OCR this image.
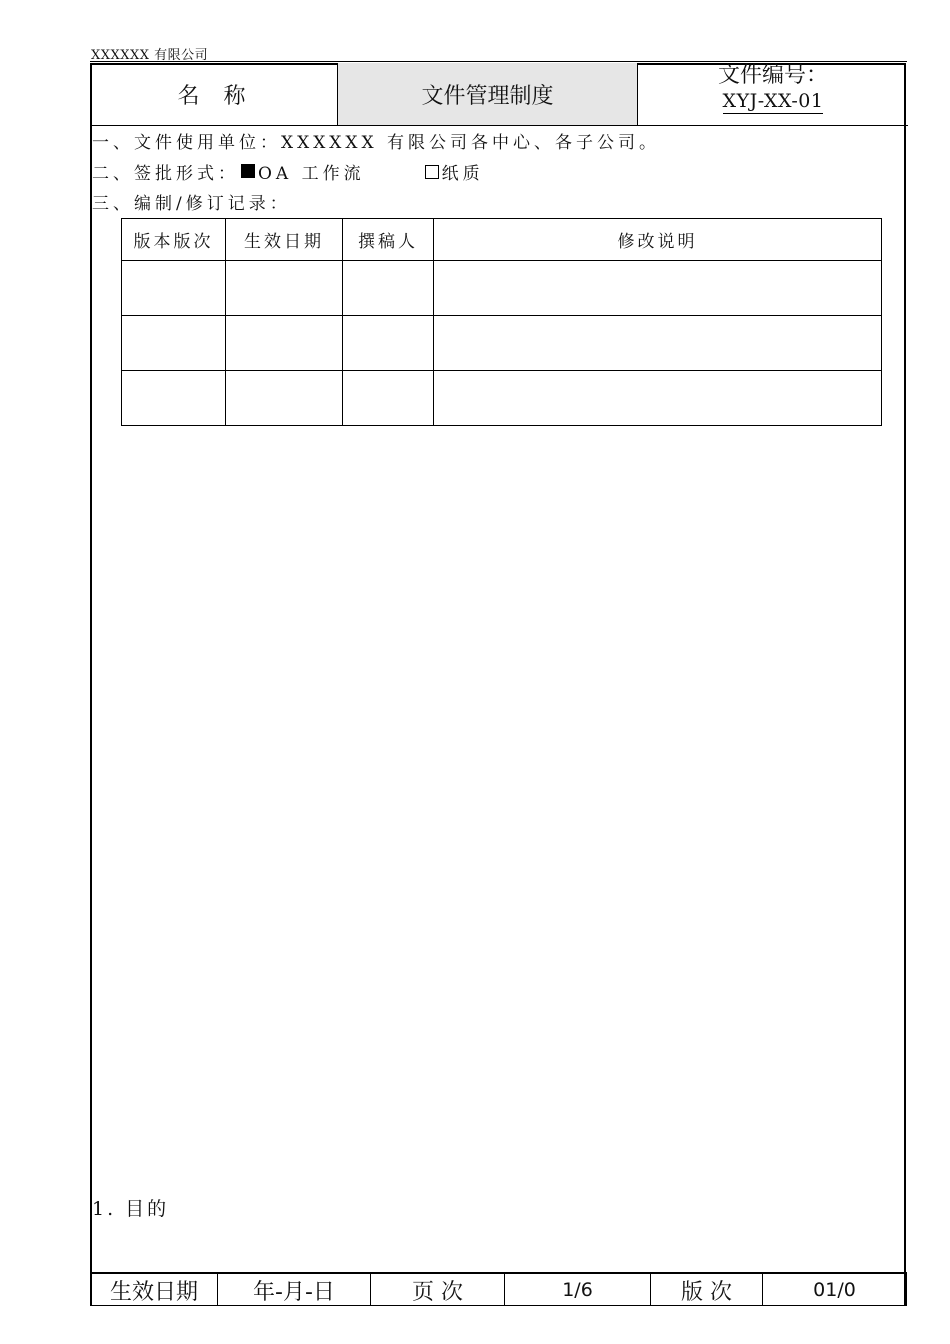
XXXXXX 有限公司
名称	文件管理制度
文件编号：
XYJ-XX-01
一、文件使用单位：XXXXXX 有限公司各中心、各子公司。
二、签批形式： OA 工作流	纸质
三、编制/修订记录：
版本版次	生效日期	撰稿人	修改说明

1. 目的
生效日期	年-月-日	页 次	1/6	版 次	01/0
